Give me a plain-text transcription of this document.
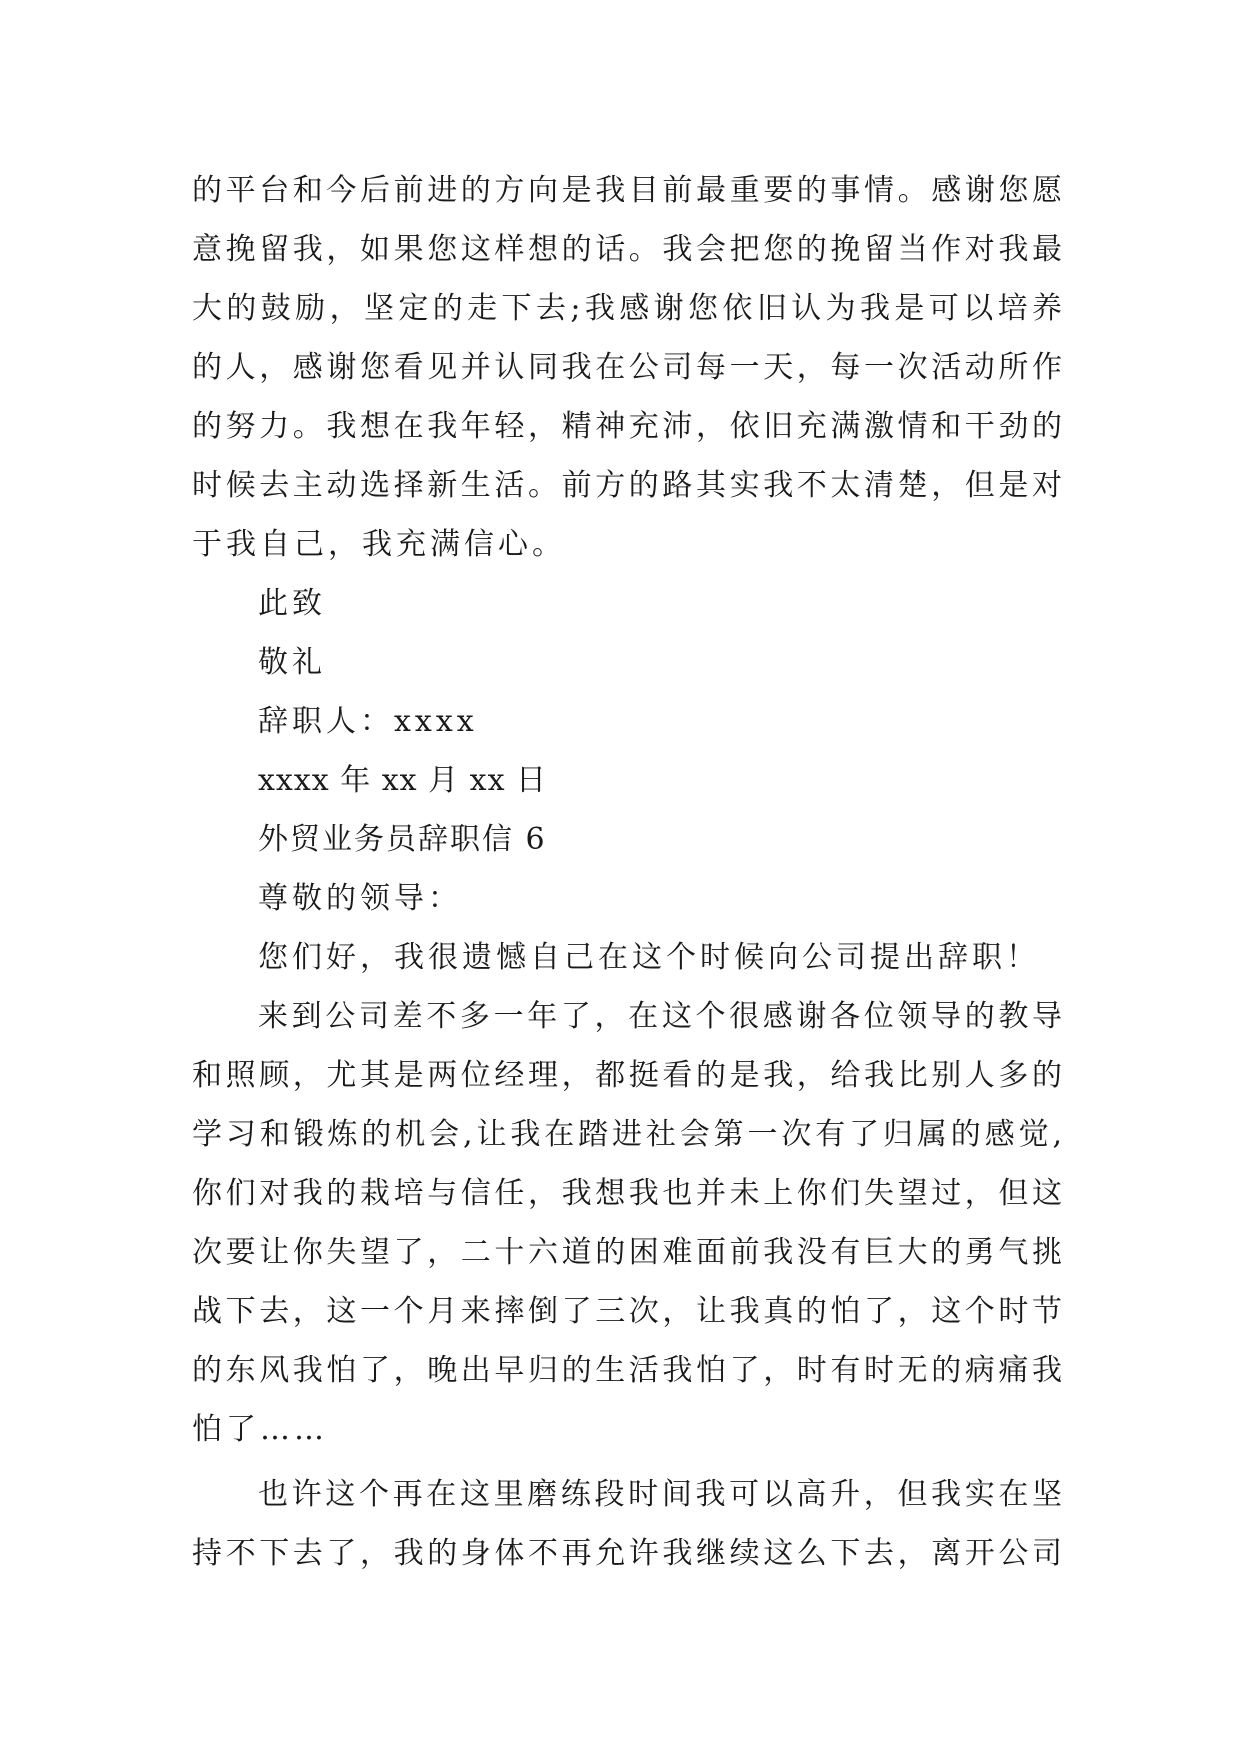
的平台和今后前进的方向是我目前最重要的事情。感谢您愿
意挽留我，如果您这样想的话。我会把您的挽留当作对我最
大的鼓励，坚定的走下去;我感谢您依旧认为我是可以培养
的人，感谢您看见并认同我在公司每一天，每一次活动所作
的努力。我想在我年轻，精神充沛，依旧充满激情和干劲的
时候去主动选择新生活。前方的路其实我不太清楚，但是对
于我自己，我充满信心。
此致
敬礼
辞职人：xxxx
xxxx 年 xx 月 xx 日
外贸业务员辞职信 6
尊敬的领导：
您们好，我很遗憾自己在这个时候向公司提出辞职！
来到公司差不多一年了，在这个很感谢各位领导的教导
和照顾，尤其是两位经理，都挺看的是我，给我比别人多的
学习和锻炼的机会,让我在踏进社会第一次有了归属的感觉,
你们对我的栽培与信任，我想我也并未上你们失望过，但这
次要让你失望了，二十六道的困难面前我没有巨大的勇气挑
战下去，这一个月来摔倒了三次，让我真的怕了，这个时节
的东风我怕了，晚出早归的生活我怕了，时有时无的病痛我
怕了……
也许这个再在这里磨练段时间我可以高升，但我实在坚
持不下去了，我的身体不再允许我继续这么下去，离开公司
